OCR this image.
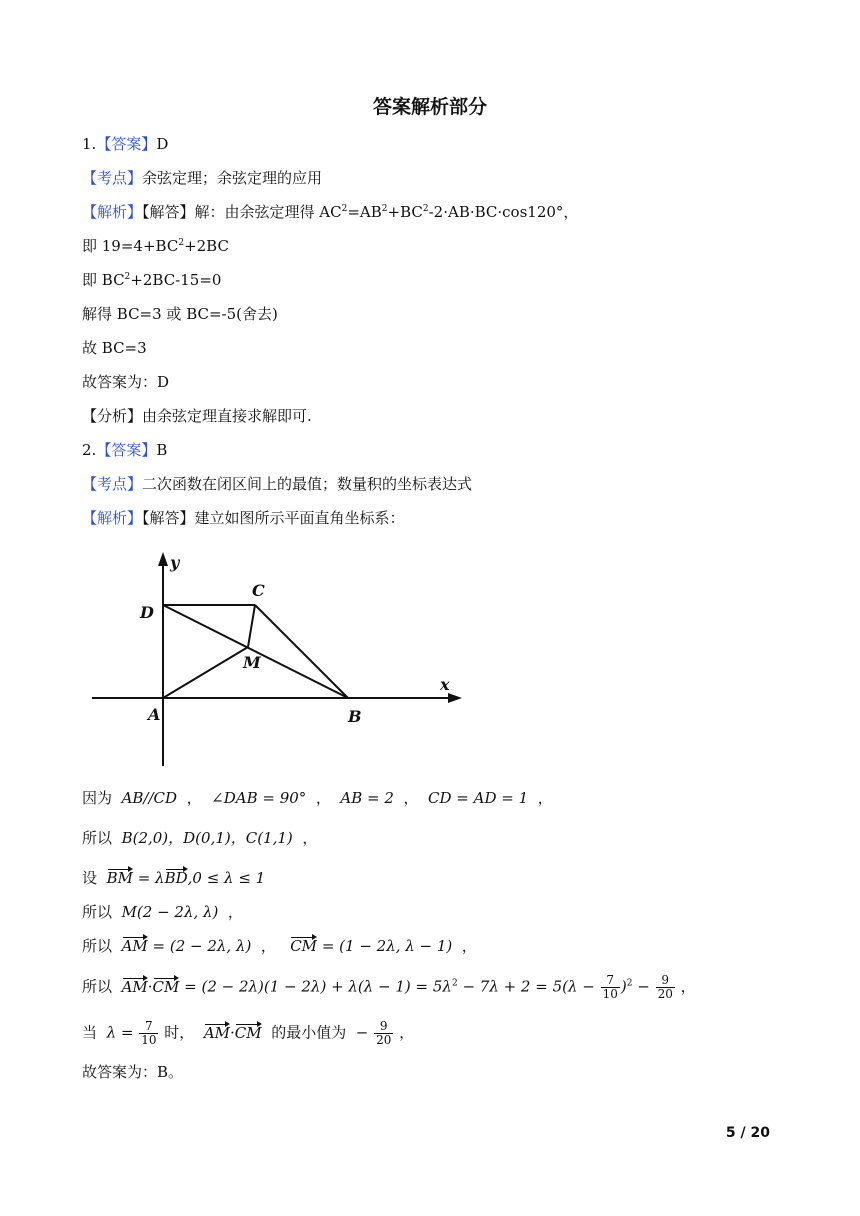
答案解析部分
1.【答案】D
【考点】余弦定理；余弦定理的应用
【解析】【解答】解：由余弦定理得 $AC^2=AB^2+BC^2-2\cdot AB\cdot BC\cdot\cos 120^\circ$，
即 $19=4+BC^2+2BC$
即 $BC^2+2BC-15=0$
解得 BC=3 或 BC=-5(舍去)
故 BC=3
故答案为：D
【分析】由余弦定理直接求解即可.
2.【答案】B
【考点】二次函数在闭区间上的最值；数量积的坐标表达式
【解析】【解答】建立如图所示平面直角坐标系：
y
x
A	B
C
D
M
因为 AB//CD ， ∠DAB = 90° ， AB = 2 ， CD = AD = 1 ，
所以 B(2,0)，D(0,1)，C(1,1) ，
设 BM = λBD,0 ≤ λ ≤ 1
所以 M(2 − 2λ, λ) ，
所以 AM = (2 − 2λ, λ) ， CM = (1 − 2λ, λ − 1) ，
所以 $AM\cdot CM = (2 - 2\lambda)(1 - 2\lambda) + \lambda(\lambda - 1) = 5\lambda^2 - 7\lambda + 2 = 5(\lambda - \frac{7}{10} )^2 - \frac{9}{20}$ ，
当 $\lambda = \frac{7}{10}$ 时， AM·CM 的最小值为  − $\frac{9}{20}$ ，
故答案为：B。
5 / 20
